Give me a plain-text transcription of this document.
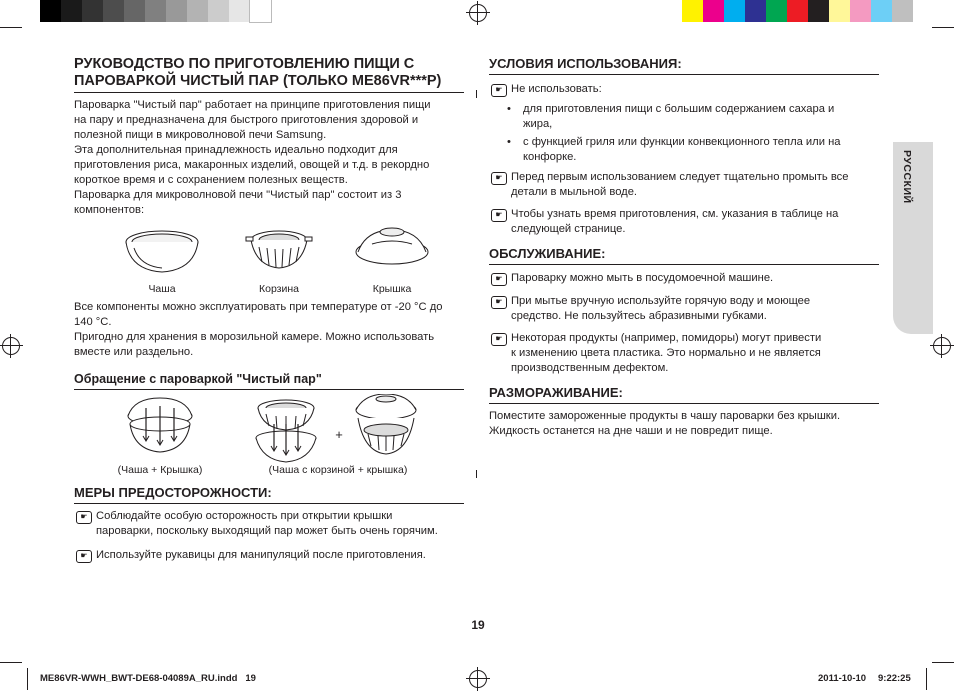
РУССКИЙ

РУКОВОДСТВО ПО ПРИГОТОВЛЕНИЮ ПИЩИ С

ПАРОВАРКОЙ ЧИСТЫЙ ПАР (ТОЛЬКО ME86VR***P)

Пароварка "Чистый пар" работает на принципе приготовления пищи

на пару и предназначена для быстрого приготовления здоровой и

полезной пищи в микроволновой печи Samsung.

Эта дополнительная принадлежность идеально подходит для

приготовления риса, макаронных изделий, овощей и т.д. в рекордно

короткое время и с сохранением полезных веществ.

Пароварка для микроволновой печи "Чистый пар" состоит из 3

компонентов:

Чаша	Корзина	Крышка

Все компоненты можно эксплуатировать при температуре от -20 °C до

140 °C.

Пригодно для хранения в морозильной камере. Можно использовать

вместе или раздельно.

Обращение с пароваркой "Чистый пар"

+
(Чаша + Крышка)	(Чаша с корзиной + крышка)

МЕРЫ ПРЕДОСТОРОЖНОСТИ:

☛ Соблюдайте особую осторожность при открытии крышки
пароварки, поскольку выходящий пар может быть очень горячим.
☛ Используйте рукавицы для манипуляций после приготовления.

УСЛОВИЯ ИСПОЛЬЗОВАНИЯ:

☛ Не использовать:
• для приготовления пищи с большим содержанием сахара и
жира,
• с функцией гриля или функции конвекционного тепла или на
конфорке.
☛ Перед первым использованием следует тщательно промыть все
детали в мыльной воде.
☛ Чтобы узнать время приготовления, см. указания в таблице на
следующей странице.

ОБСЛУЖИВАНИЕ:

☛ Пароварку можно мыть в посудомоечной машине.
☛ При мытье вручную используйте горячую воду и моющее
средство. Не пользуйтесь абразивными губками.
☛ Некоторая продукты (например, помидоры) могут привести
к изменению цвета пластика. Это нормально и не является
производственным дефектом.

РАЗМОРАЖИВАНИЕ:

Поместите замороженные продукты в чашу пароварки без крышки.

Жидкость останется на дне чаши и не повредит пище.

19
ME86VR-WWH_BWT-DE68-04089A_RU.indd   19	2011-10-10 9:22:25
